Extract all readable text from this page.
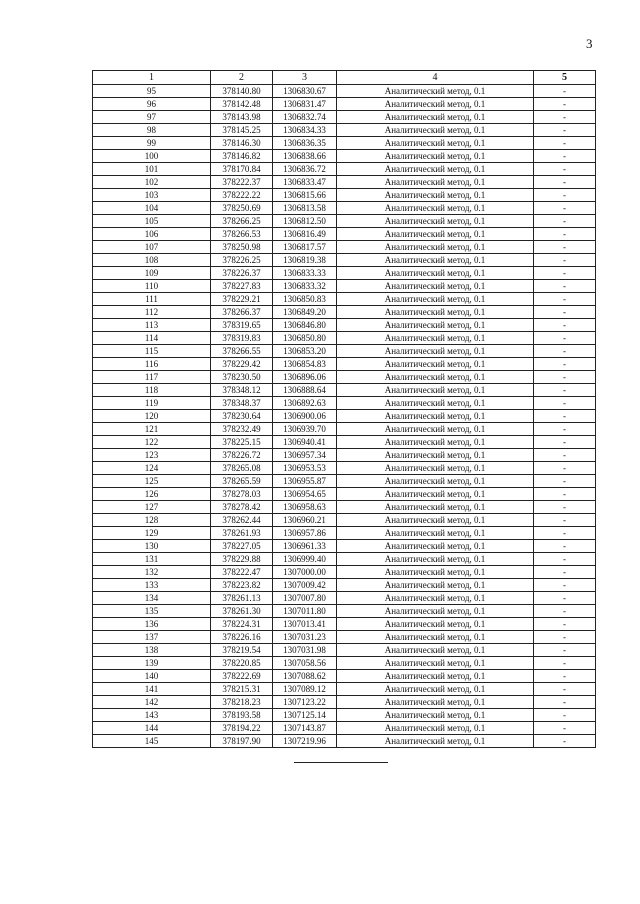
3
1	2	3	4	5
95	378140.80	1306830.67	Аналитический метод, 0.1	-
96	378142.48	1306831.47	Аналитический метод, 0.1	-
97	378143.98	1306832.74	Аналитический метод, 0.1	-
98	378145.25	1306834.33	Аналитический метод, 0.1	-
99	378146.30	1306836.35	Аналитический метод, 0.1	-
100	378146.82	1306838.66	Аналитический метод, 0.1	-
101	378170.84	1306836.72	Аналитический метод, 0.1	-
102	378222.37	1306833.47	Аналитический метод, 0.1	-
103	378222.22	1306815.66	Аналитический метод, 0.1	-
104	378250.69	1306813.58	Аналитический метод, 0.1	-
105	378266.25	1306812.50	Аналитический метод, 0.1	-
106	378266.53	1306816.49	Аналитический метод, 0.1	-
107	378250.98	1306817.57	Аналитический метод, 0.1	-
108	378226.25	1306819.38	Аналитический метод, 0.1	-
109	378226.37	1306833.33	Аналитический метод, 0.1	-
110	378227.83	1306833.32	Аналитический метод, 0.1	-
111	378229.21	1306850.83	Аналитический метод, 0.1	-
112	378266.37	1306849.20	Аналитический метод, 0.1	-
113	378319.65	1306846.80	Аналитический метод, 0.1	-
114	378319.83	1306850.80	Аналитический метод, 0.1	-
115	378266.55	1306853.20	Аналитический метод, 0.1	-
116	378229.42	1306854.83	Аналитический метод, 0.1	-
117	378230.50	1306896.06	Аналитический метод, 0.1	-
118	378348.12	1306888.64	Аналитический метод, 0.1	-
119	378348.37	1306892.63	Аналитический метод, 0.1	-
120	378230.64	1306900.06	Аналитический метод, 0.1	-
121	378232.49	1306939.70	Аналитический метод, 0.1	-
122	378225.15	1306940.41	Аналитический метод, 0.1	-
123	378226.72	1306957.34	Аналитический метод, 0.1	-
124	378265.08	1306953.53	Аналитический метод, 0.1	-
125	378265.59	1306955.87	Аналитический метод, 0.1	-
126	378278.03	1306954.65	Аналитический метод, 0.1	-
127	378278.42	1306958.63	Аналитический метод, 0.1	-
128	378262.44	1306960.21	Аналитический метод, 0.1	-
129	378261.93	1306957.86	Аналитический метод, 0.1	-
130	378227.05	1306961.33	Аналитический метод, 0.1	-
131	378229.88	1306999.40	Аналитический метод, 0.1	-
132	378222.47	1307000.00	Аналитический метод, 0.1	-
133	378223.82	1307009.42	Аналитический метод, 0.1	-
134	378261.13	1307007.80	Аналитический метод, 0.1	-
135	378261.30	1307011.80	Аналитический метод, 0.1	-
136	378224.31	1307013.41	Аналитический метод, 0.1	-
137	378226.16	1307031.23	Аналитический метод, 0.1	-
138	378219.54	1307031.98	Аналитический метод, 0.1	-
139	378220.85	1307058.56	Аналитический метод, 0.1	-
140	378222.69	1307088.62	Аналитический метод, 0.1	-
141	378215.31	1307089.12	Аналитический метод, 0.1	-
142	378218.23	1307123.22	Аналитический метод, 0.1	-
143	378193.58	1307125.14	Аналитический метод, 0.1	-
144	378194.22	1307143.87	Аналитический метод, 0.1	-
145	378197.90	1307219.96	Аналитический метод, 0.1	-
